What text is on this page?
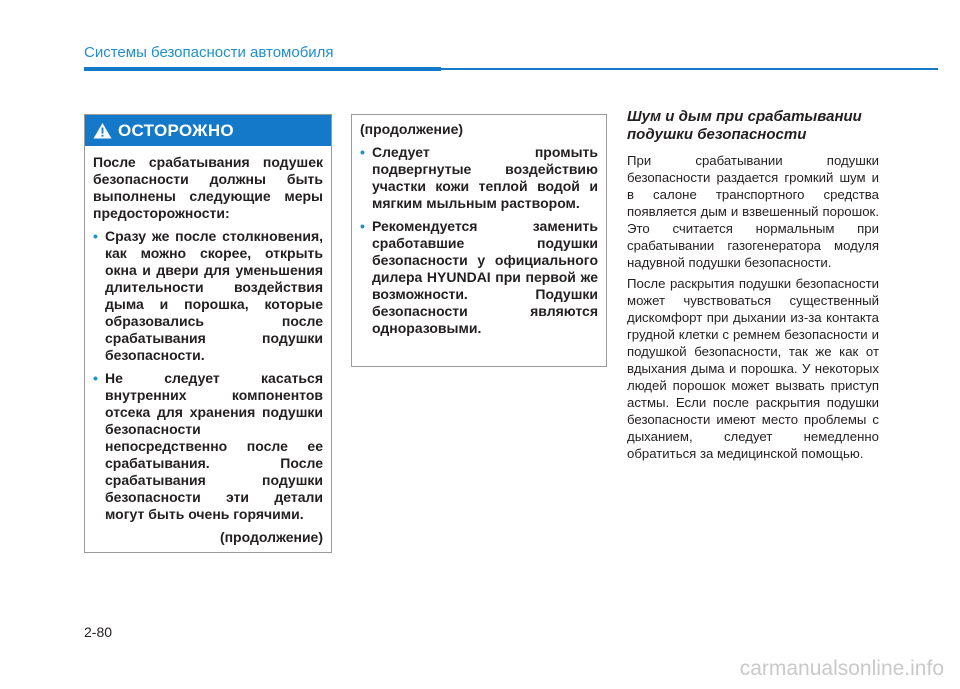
Системы безопасности автомобиля
ОСТОРОЖНО

После срабатывания подушек безопасности должны быть выполнены следующие меры предосторожности:

• Сразу же после столкновения, как можно скорее, открыть окна и двери для уменьшения длительности воздействия дыма и порошка, которые образовались после срабатывания подушки безопасности.
• Не следует касаться внутренних компонентов отсека для хранения подушки безопасности непосредственно после ее срабатывания. После срабатывания подушки безопасности эти детали могут быть очень горячими.

(продолжение)

(продолжение)

• Следует промыть подвергнутые воздействию участки кожи теплой водой и мягким мыльным раствором.
• Рекомендуется заменить сработавшие подушки безопасности у официального дилера HYUNDAI при первой же возможности. Подушки безопасности являются одноразовыми.
Шум и дым при срабатывании подушки безопасности

При срабатывании подушки безопасности раздается громкий шум и в салоне транспортного средства появляется дым и взвешенный порошок. Это считается нормальным при срабатывании газогенератора модуля надувной подушки безопасности.

После раскрытия подушки безопасности может чувствоваться существенный дискомфорт при дыхании из-за контакта грудной клетки с ремнем безопасности и подушкой безопасности, так же как от вдыхания дыма и порошка. У некоторых людей порошок может вызвать приступ астмы. Если после раскрытия подушки безопасности имеют место проблемы с дыханием, следует немедленно обратиться за медицинской помощью.

2-80
carmanualsonline.info
